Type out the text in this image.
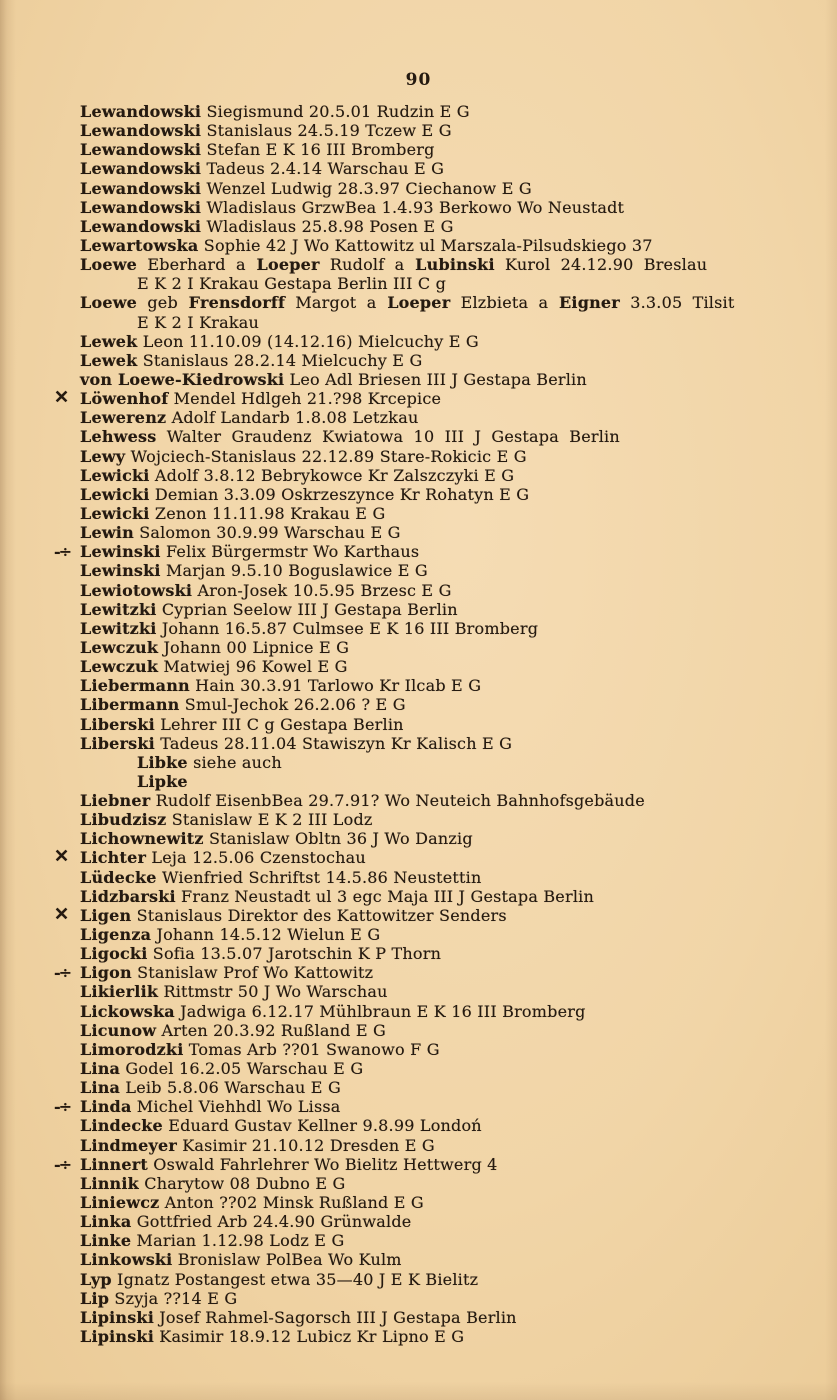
90
Lewandowski Siegismund 20.5.01 Rudzin E G
Lewandowski Stanislaus 24.5.19 Tczew E G
Lewandowski Stefan E K 16 III Bromberg
Lewandowski Tadeus 2.4.14 Warschau E G
Lewandowski Wenzel Ludwig 28.3.97 Ciechanow E G
Lewandowski Wladislaus GrzwBea 1.4.93 Berkowo Wo Neustadt
Lewandowski Wladislaus 25.8.98 Posen E G
Lewartowska Sophie 42 J Wo Kattowitz ul Marszala-Pilsudskiego 37
Loewe Eberhard a Loeper Rudolf a Lubinski Kurol 24.12.90 Breslau
E K 2 I Krakau Gestapa Berlin III C g
Loewe geb Frensdorff Margot a Loeper Elzbieta a Eigner 3.3.05 Tilsit
E K 2 I Krakau
Lewek Leon 11.10.09 (14.12.16) Mielcuchy E G
Lewek Stanislaus 28.2.14 Mielcuchy E G
von Loewe-Kiedrowski Leo Adl Briesen III J Gestapa Berlin
✕ Löwenhof Mendel Hdlgeh 21.?98 Krcepice
Lewerenz Adolf Landarb 1.8.08 Letzkau
Lehwess Walter Graudenz Kwiatowa 10 III J Gestapa Berlin
Lewy Wojciech-Stanislaus 22.12.89 Stare-Rokicic E G
Lewicki Adolf 3.8.12 Bebrykowce Kr Zalszczyki E G
Lewicki Demian 3.3.09 Oskrzeszynce Kr Rohatyn E G
Lewicki Zenon 11.11.98 Krakau E G
Lewin Salomon 30.9.99 Warschau E G
-÷ Lewinski Felix Bürgermstr Wo Karthaus
Lewinski Marjan 9.5.10 Boguslawice E G
Lewiotowski Aron-Josek 10.5.95 Brzesc E G
Lewitzki Cyprian Seelow III J Gestapa Berlin
Lewitzki Johann 16.5.87 Culmsee E K 16 III Bromberg
Lewczuk Johann 00 Lipnice E G
Lewczuk Matwiej 96 Kowel E G
Liebermann Hain 30.3.91 Tarlowo Kr Ilcab E G
Libermann Smul-Jechok 26.2.06 ? E G
Liberski Lehrer III C g Gestapa Berlin
Liberski Tadeus 28.11.04 Stawiszyn Kr Kalisch E G
Libke siehe auch
Lipke
Liebner Rudolf EisenbBea 29.7.91? Wo Neuteich Bahnhofsgebäude
Libudzisz Stanislaw E K 2 III Lodz
Lichownewitz Stanislaw Obltn 36 J Wo Danzig
✕ Lichter Leja 12.5.06 Czenstochau
Lüdecke Wienfried Schriftst 14.5.86 Neustettin
Lidzbarski Franz Neustadt ul 3 egc Maja III J Gestapa Berlin
✕ Ligen Stanislaus Direktor des Kattowitzer Senders
Ligenza Johann 14.5.12 Wielun E G
Ligocki Sofia 13.5.07 Jarotschin K P Thorn
-÷ Ligon Stanislaw Prof Wo Kattowitz
Likierlik Rittmstr 50 J Wo Warschau
Lickowska Jadwiga 6.12.17 Mühlbraun E K 16 III Bromberg
Licunow Arten 20.3.92 Rußland E G
Limorodzki Tomas Arb ??01 Swanowo F G
Lina Godel 16.2.05 Warschau E G
Lina Leib 5.8.06 Warschau E G
-÷ Linda Michel Viehhdl Wo Lissa
Lindecke Eduard Gustav Kellner 9.8.99 Londoń
Lindmeyer Kasimir 21.10.12 Dresden E G
-÷ Linnert Oswald Fahrlehrer Wo Bielitz Hettwerg 4
Linnik Charytow 08 Dubno E G
Liniewcz Anton ??02 Minsk Rußland E G
Linka Gottfried Arb 24.4.90 Grünwalde
Linke Marian 1.12.98 Lodz E G
Linkowski Bronislaw PolBea Wo Kulm
Lyp Ignatz Postangest etwa 35—40 J E K Bielitz
Lip Szyja ??14 E G
Lipinski Josef Rahmel-Sagorsch III J Gestapa Berlin
Lipinski Kasimir 18.9.12 Lubicz Kr Lipno E G
